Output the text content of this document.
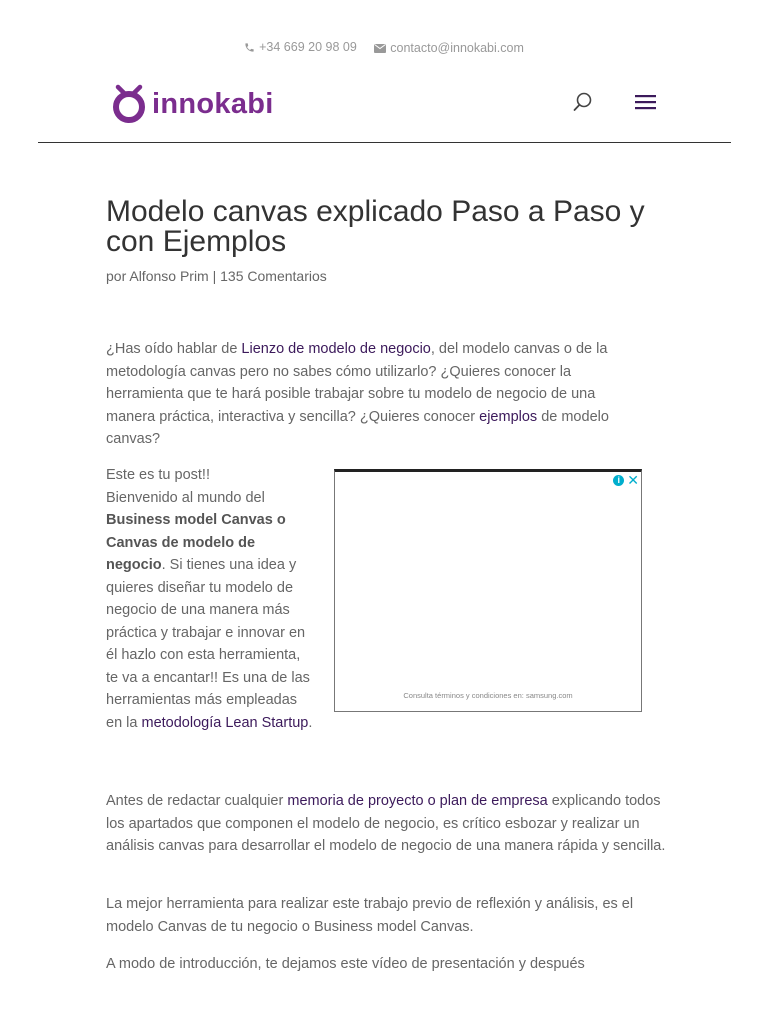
+34 669 20 98 09
	contacto@innokabi.com
innokabi
Modelo canvas explicado Paso a Paso y con Ejemplos
por Alfonso Prim | 135 Comentarios

¿Has oído hablar de Lienzo de modelo de negocio, del modelo canvas o de la metodología canvas pero no sabes cómo utilizarlo? ¿Quieres conocer la herramienta que te hará posible trabajar sobre tu modelo de negocio de una manera práctica, interactiva y sencilla? ¿Quieres conocer ejemplos de modelo canvas?

Este es tu post!!
Bienvenido al mundo del Business model Canvas o Canvas de modelo de negocio. Si tienes una idea y quieres diseñar tu modelo de negocio de una manera más práctica y trabajar e innovar en él hazlo con esta herramienta, te va a encantar!! Es una de las herramientas más empleadas en la metodología Lean Startup.

i ✕
Consulta términos y condiciones en: samsung.com

Antes de redactar cualquier memoria de proyecto o plan de empresa explicando todos los apartados que componen el modelo de negocio, es crítico esbozar y realizar un análisis canvas para desarrollar el modelo de negocio de una manera rápida y sencilla.

La mejor herramienta para realizar este trabajo previo de reflexión y análisis, es el modelo Canvas de tu negocio o Business model Canvas.

A modo de introducción, te dejamos este vídeo de presentación y después
